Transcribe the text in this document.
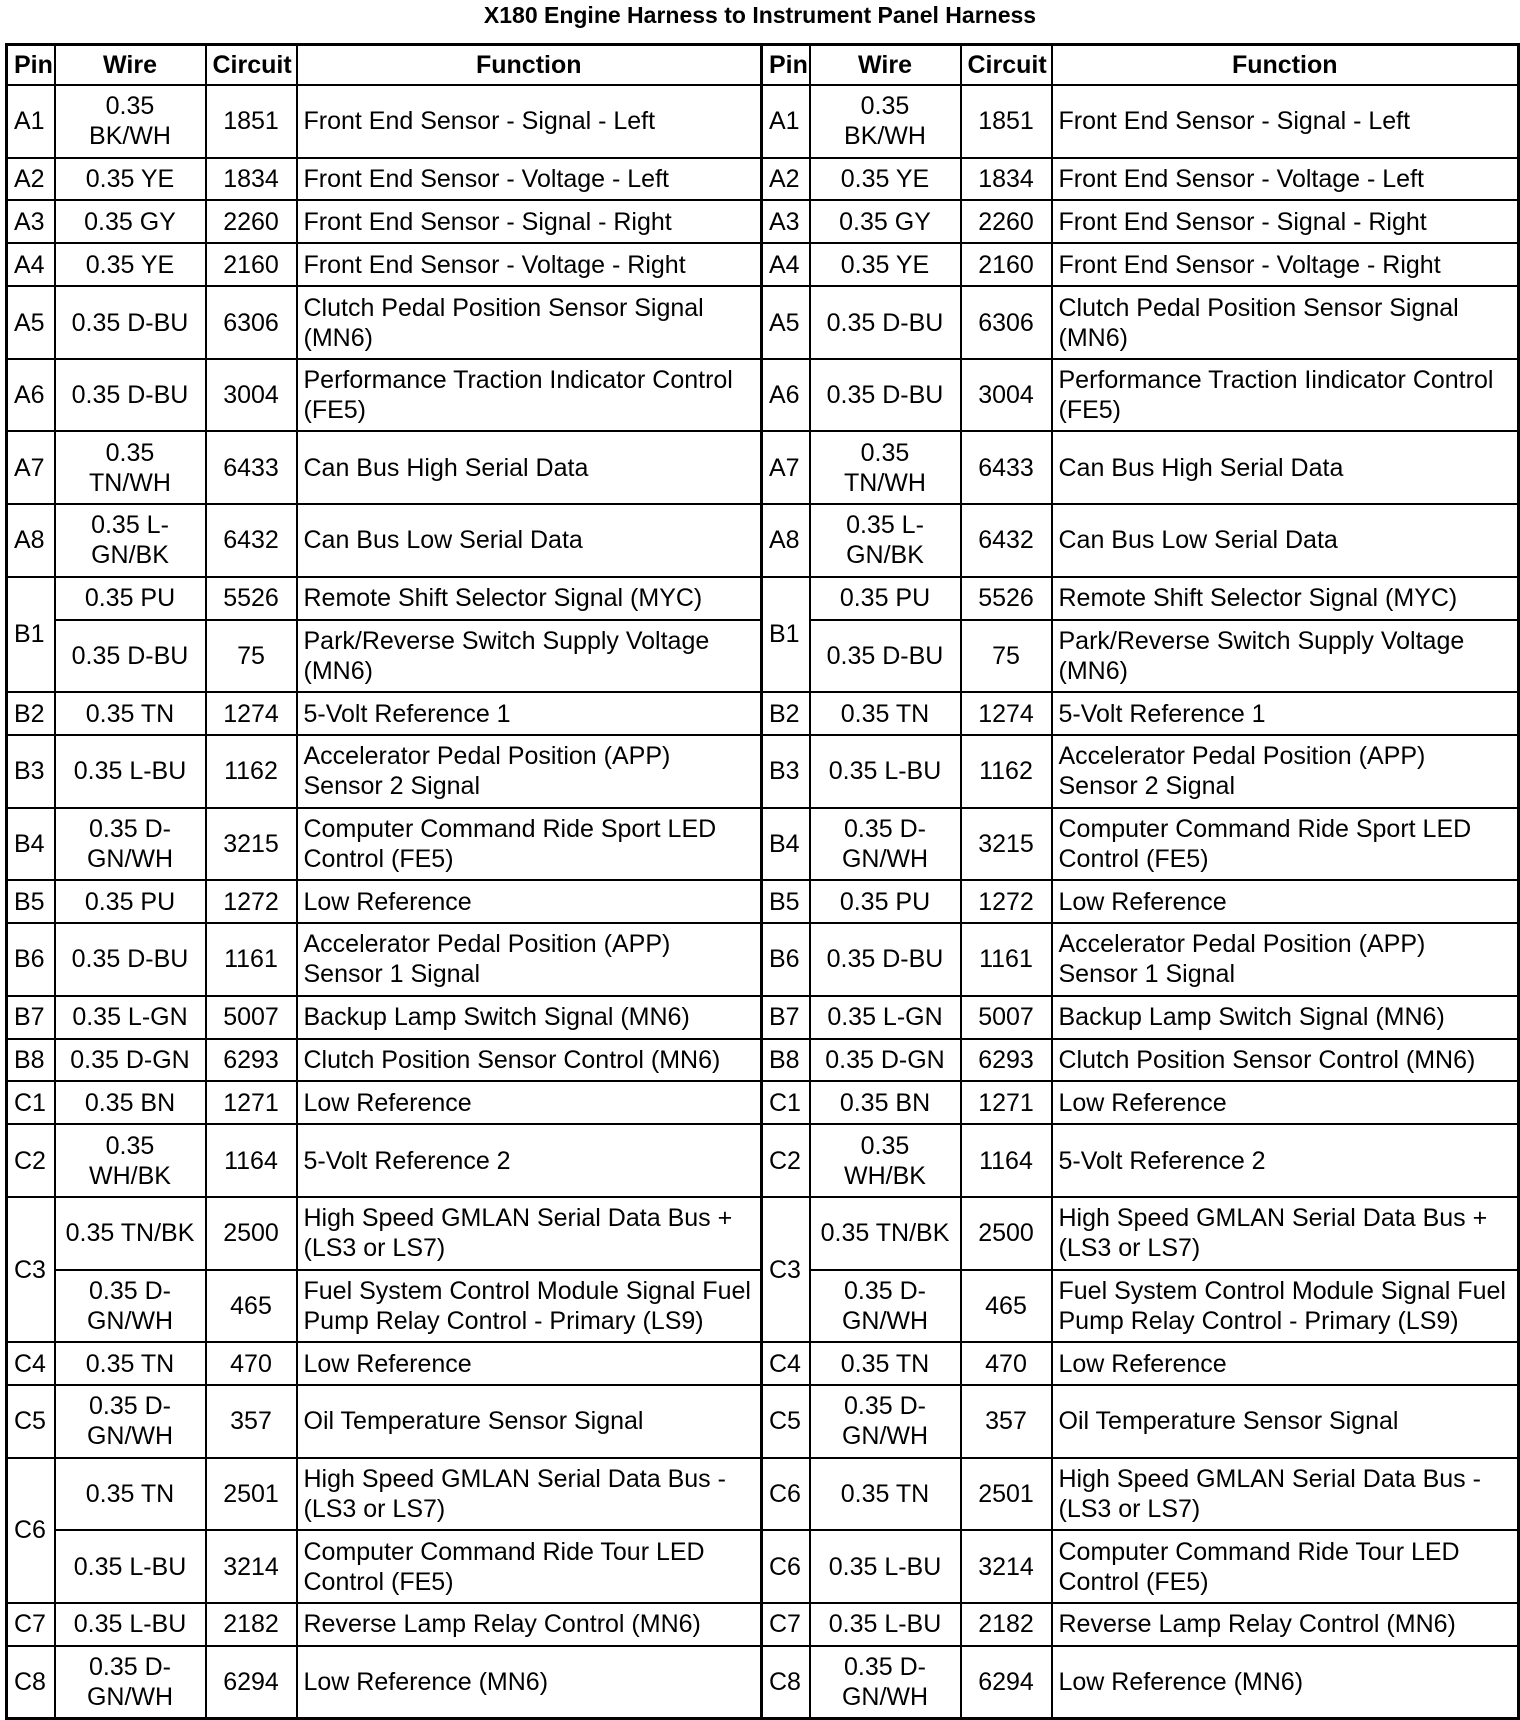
X180 Engine Harness to Instrument Panel Harness
Pin	Wire	Circuit	Function	Pin	Wire	Circuit	Function
A1	0.35 BK/WH	1851	Front End Sensor - Signal - Left	A1	0.35 BK/WH	1851	Front End Sensor - Signal - Left
A2	0.35 YE	1834	Front End Sensor - Voltage - Left	A2	0.35 YE	1834	Front End Sensor - Voltage - Left
A3	0.35 GY	2260	Front End Sensor - Signal - Right	A3	0.35 GY	2260	Front End Sensor - Signal - Right
A4	0.35 YE	2160	Front End Sensor - Voltage - Right	A4	0.35 YE	2160	Front End Sensor - Voltage - Right
A5	0.35 D-BU	6306	Clutch Pedal Position Sensor Signal (MN6)	A5	0.35 D-BU	6306	Clutch Pedal Position Sensor Signal (MN6)
A6	0.35 D-BU	3004	Performance Traction Indicator Control (FE5)	A6	0.35 D-BU	3004	Performance Traction Iindicator Control (FE5)
A7	0.35 TN/WH	6433	Can Bus High Serial Data	A7	0.35 TN/WH	6433	Can Bus High Serial Data
A8	0.35 L-GN/BK	6432	Can Bus Low Serial Data	A8	0.35 L-GN/BK	6432	Can Bus Low Serial Data
B1	0.35 PU	5526	Remote Shift Selector Signal (MYC)	B1	0.35 PU	5526	Remote Shift Selector Signal (MYC)
	0.35 D-BU	75	Park/Reverse Switch Supply Voltage (MN6)		0.35 D-BU	75	Park/Reverse Switch Supply Voltage (MN6)
B2	0.35 TN	1274	5-Volt Reference 1	B2	0.35 TN	1274	5-Volt Reference 1
B3	0.35 L-BU	1162	Accelerator Pedal Position (APP) Sensor 2 Signal	B3	0.35 L-BU	1162	Accelerator Pedal Position (APP) Sensor 2 Signal
B4	0.35 D-GN/WH	3215	Computer Command Ride Sport LED Control (FE5)	B4	0.35 D-GN/WH	3215	Computer Command Ride Sport LED Control (FE5)
B5	0.35 PU	1272	Low Reference	B5	0.35 PU	1272	Low Reference
B6	0.35 D-BU	1161	Accelerator Pedal Position (APP) Sensor 1 Signal	B6	0.35 D-BU	1161	Accelerator Pedal Position (APP) Sensor 1 Signal
B7	0.35 L-GN	5007	Backup Lamp Switch Signal (MN6)	B7	0.35 L-GN	5007	Backup Lamp Switch Signal (MN6)
B8	0.35 D-GN	6293	Clutch Position Sensor Control (MN6)	B8	0.35 D-GN	6293	Clutch Position Sensor Control (MN6)
C1	0.35 BN	1271	Low Reference	C1	0.35 BN	1271	Low Reference
C2	0.35 WH/BK	1164	5-Volt Reference 2	C2	0.35 WH/BK	1164	5-Volt Reference 2
C3	0.35 TN/BK	2500	High Speed GMLAN Serial Data Bus + (LS3 or LS7)	C3	0.35 TN/BK	2500	High Speed GMLAN Serial Data Bus + (LS3 or LS7)
	0.35 D-GN/WH	465	Fuel System Control Module Signal Fuel Pump Relay Control - Primary (LS9)		0.35 D-GN/WH	465	Fuel System Control Module Signal Fuel Pump Relay Control - Primary (LS9)
C4	0.35 TN	470	Low Reference	C4	0.35 TN	470	Low Reference
C5	0.35 D-GN/WH	357	Oil Temperature Sensor Signal	C5	0.35 D-GN/WH	357	Oil Temperature Sensor Signal
C6	0.35 TN	2501	High Speed GMLAN Serial Data Bus - (LS3 or LS7)	C6	0.35 TN	2501	High Speed GMLAN Serial Data Bus - (LS3 or LS7)
	0.35 L-BU	3214	Computer Command Ride Tour LED Control (FE5)	C6	0.35 L-BU	3214	Computer Command Ride Tour LED Control (FE5)
C7	0.35 L-BU	2182	Reverse Lamp Relay Control (MN6)	C7	0.35 L-BU	2182	Reverse Lamp Relay Control (MN6)
C8	0.35 D-GN/WH	6294	Low Reference (MN6)	C8	0.35 D-GN/WH	6294	Low Reference (MN6)
